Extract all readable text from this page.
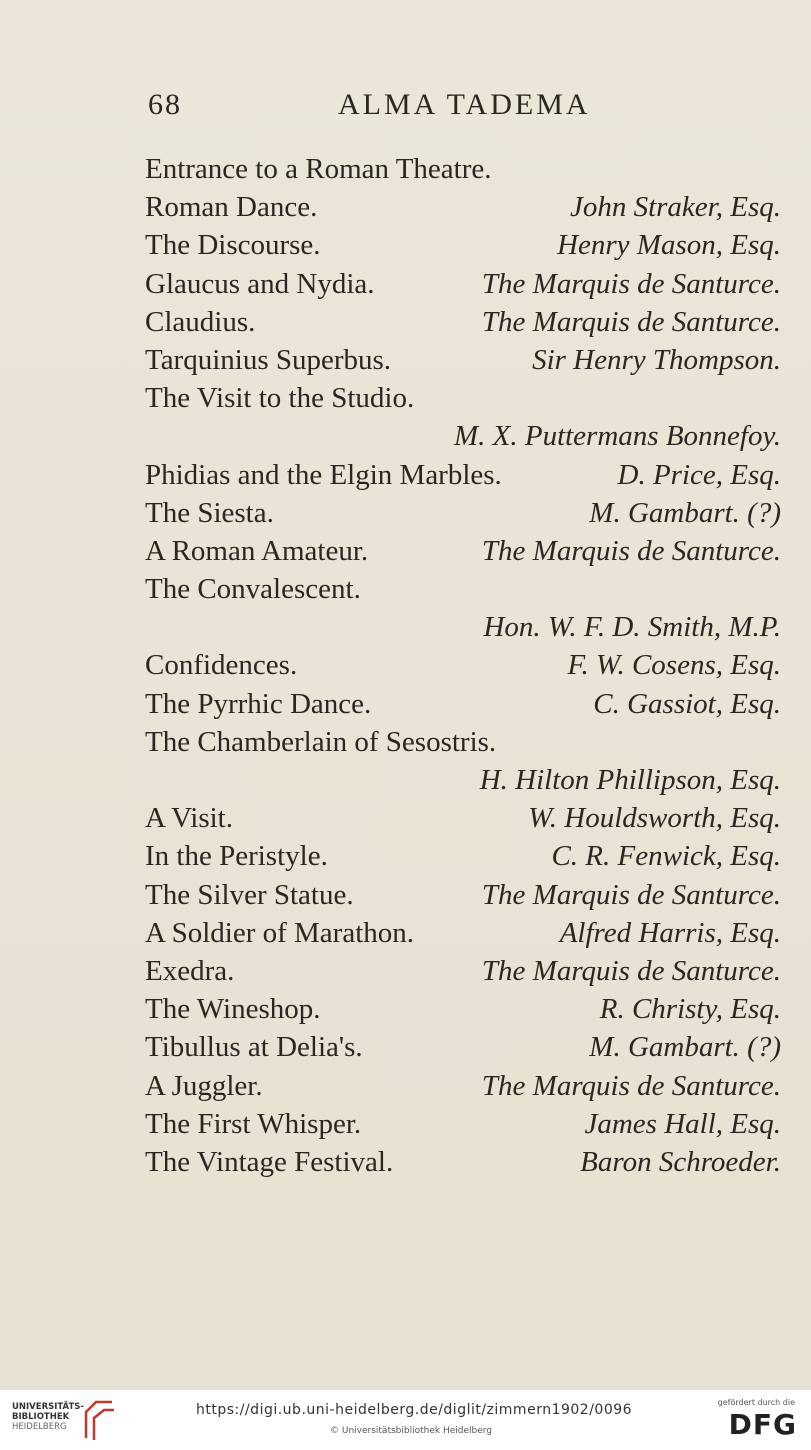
68	ALMA TADEMA
Entrance to a Roman Theatre.
Roman Dance.	John Straker, Esq.
The Discourse.	Henry Mason, Esq.
Glaucus and Nydia.	The Marquis de Santurce.
Claudius.	The Marquis de Santurce.
Tarquinius Superbus.	Sir Henry Thompson.
The Visit to the Studio.
M. X. Puttermans Bonnefoy.
Phidias and the Elgin Marbles.	D. Price, Esq.
The Siesta.	M. Gambart. (?)
A Roman Amateur.	The Marquis de Santurce.
The Convalescent.
Hon. W. F. D. Smith, M.P.
Confidences.	F. W. Cosens, Esq.
The Pyrrhic Dance.	C. Gassiot, Esq.
The Chamberlain of Sesostris.
H. Hilton Phillipson, Esq.
A Visit.	W. Houldsworth, Esq.
In the Peristyle.	C. R. Fenwick, Esq.
The Silver Statue.	The Marquis de Santurce.
A Soldier of Marathon.	Alfred Harris, Esq.
Exedra.	The Marquis de Santurce.
The Wineshop.	R. Christy, Esq.
Tibullus at Delia's.	M. Gambart. (?)
A Juggler.	The Marquis de Santurce.
The First Whisper.	James Hall, Esq.
The Vintage Festival.	Baron Schroeder.
UNIVERSITÄTS-
BIBLIOTHEK
HEIDELBERG
https://digi.ub.uni-heidelberg.de/diglit/zimmern1902/0096
© Universitätsbibliothek Heidelberg
gefördert durch die
DFG
